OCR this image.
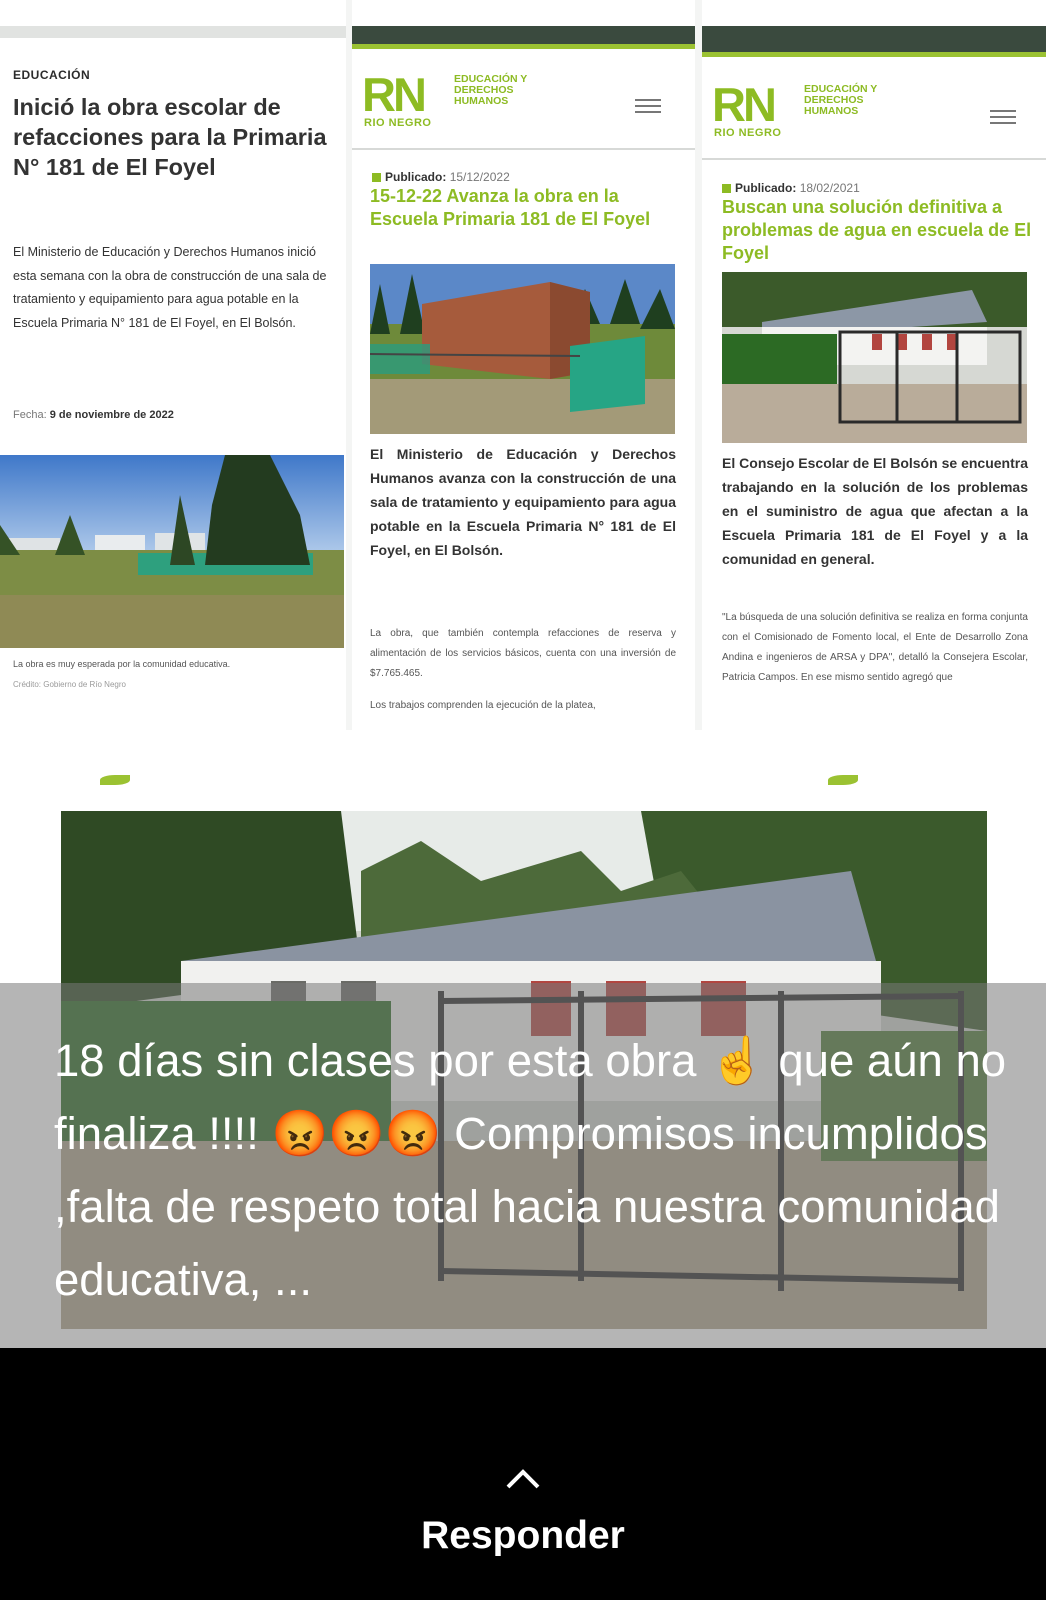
EDUCACIÓN
Inició la obra escolar de refacciones para la Primaria N° 181 de El Foyel
El Ministerio de Educación y Derechos Humanos inició esta semana con la obra de construcción de una sala de tratamiento y equipamiento para agua potable en la Escuela Primaria N° 181 de El Foyel, en El Bolsón.
Fecha: 9 de noviembre de 2022
La obra es muy esperada por la comunidad educativa.
Crédito: Gobierno de Río Negro
RN
RIO NEGRO
EDUCACIÓN Y DERECHOS HUMANOS
Publicado: 15/12/2022
15-12-22 Avanza la obra en la Escuela Primaria 181 de El Foyel
El Ministerio de Educación y Derechos Humanos avanza con la construcción de una sala de tratamiento y equipamiento para agua potable en la Escuela Primaria N° 181 de El Foyel, en El Bolsón.
La obra, que también contempla refacciones de reserva y alimentación de los servicios básicos, cuenta con una inversión de $7.765.465.
Los trabajos comprenden la ejecución de la platea,
RN
RIO NEGRO
EDUCACIÓN Y DERECHOS HUMANOS
Publicado: 18/02/2021
Buscan una solución definitiva a problemas de agua en escuela de El Foyel
El Consejo Escolar de El Bolsón se encuentra trabajando en la solución de los problemas en el suministro de agua que afectan a la Escuela Primaria 181 de El Foyel y a la comunidad en general.
"La búsqueda de una solución definitiva se realiza en forma conjunta con el Comisionado de Fomento local, el Ente de Desarrollo Zona Andina e ingenieros de ARSA y DPA", detalló la Consejera Escolar, Patricia Campos. En ese mismo sentido agregó que
18 días sin clases por esta obra ☝ que aún no finaliza !!!! 😡😡😡 Compromisos incumplidos ,falta de respeto total hacia nuestra comunidad educativa, ...
Responder
